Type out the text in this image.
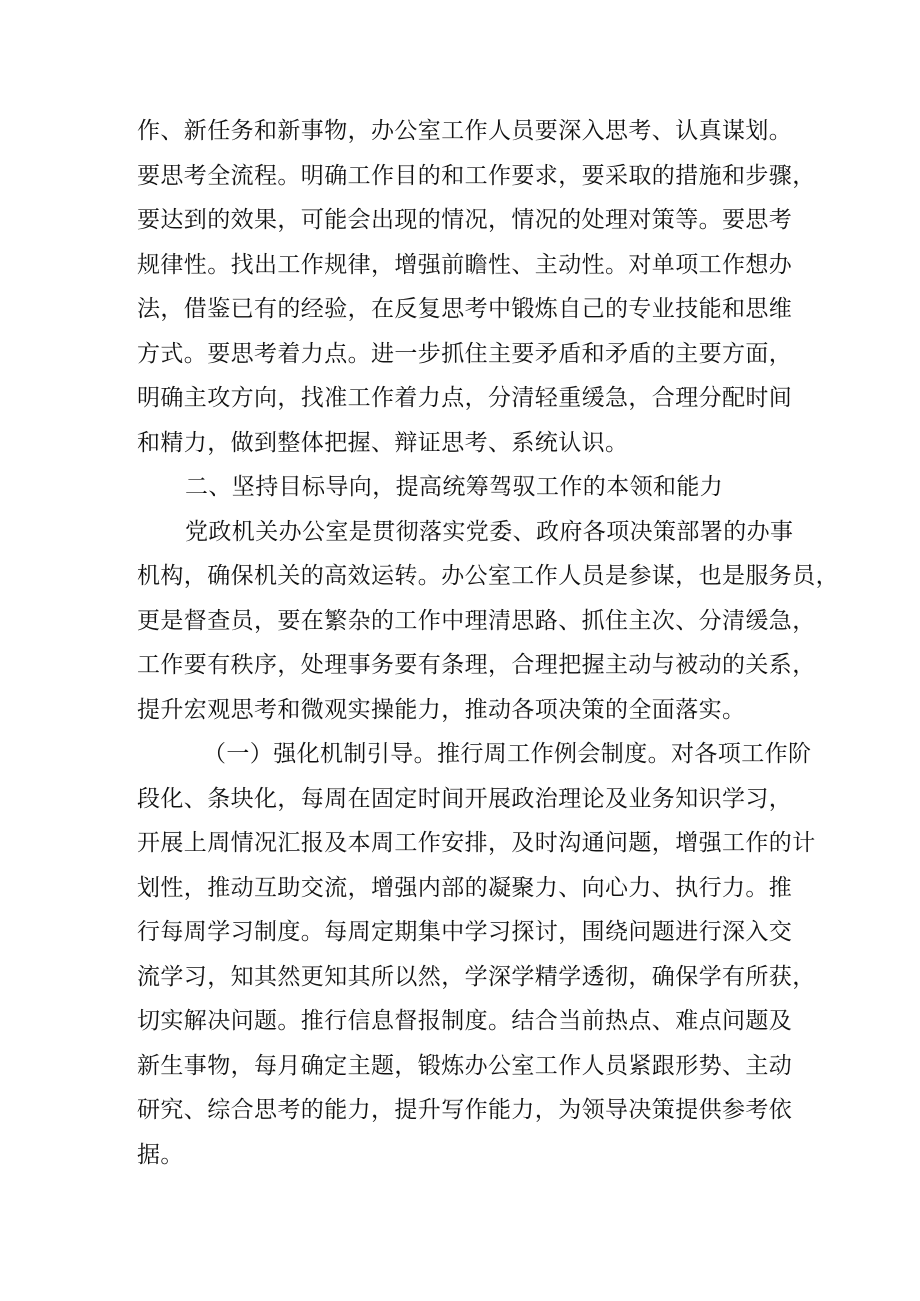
作、新任务和新事物，办公室工作人员要深入思考、认真谋划。
要思考全流程。明确工作目的和工作要求，要采取的措施和步骤，
要达到的效果，可能会出现的情况，情况的处理对策等。要思考
规律性。找出工作规律，增强前瞻性、主动性。对单项工作想办
法，借鉴已有的经验，在反复思考中锻炼自己的专业技能和思维
方式。要思考着力点。进一步抓住主要矛盾和矛盾的主要方面，
明确主攻方向，找准工作着力点，分清轻重缓急，合理分配时间
和精力，做到整体把握、辩证思考、系统认识。
二、坚持目标导向，提高统筹驾驭工作的本领和能力
党政机关办公室是贯彻落实党委、政府各项决策部署的办事
机构，确保机关的高效运转。办公室工作人员是参谋，也是服务员，
更是督查员，要在繁杂的工作中理清思路、抓住主次、分清缓急，
工作要有秩序，处理事务要有条理，合理把握主动与被动的关系，
提升宏观思考和微观实操能力，推动各项决策的全面落实。
（一）强化机制引导。推行周工作例会制度。对各项工作阶
段化、条块化，每周在固定时间开展政治理论及业务知识学习，
开展上周情况汇报及本周工作安排，及时沟通问题，增强工作的计
划性，推动互助交流，增强内部的凝聚力、向心力、执行力。推
行每周学习制度。每周定期集中学习探讨，围绕问题进行深入交
流学习，知其然更知其所以然，学深学精学透彻，确保学有所获，
切实解决问题。推行信息督报制度。结合当前热点、难点问题及
新生事物，每月确定主题，锻炼办公室工作人员紧跟形势、主动
研究、综合思考的能力，提升写作能力，为领导决策提供参考依
据。
